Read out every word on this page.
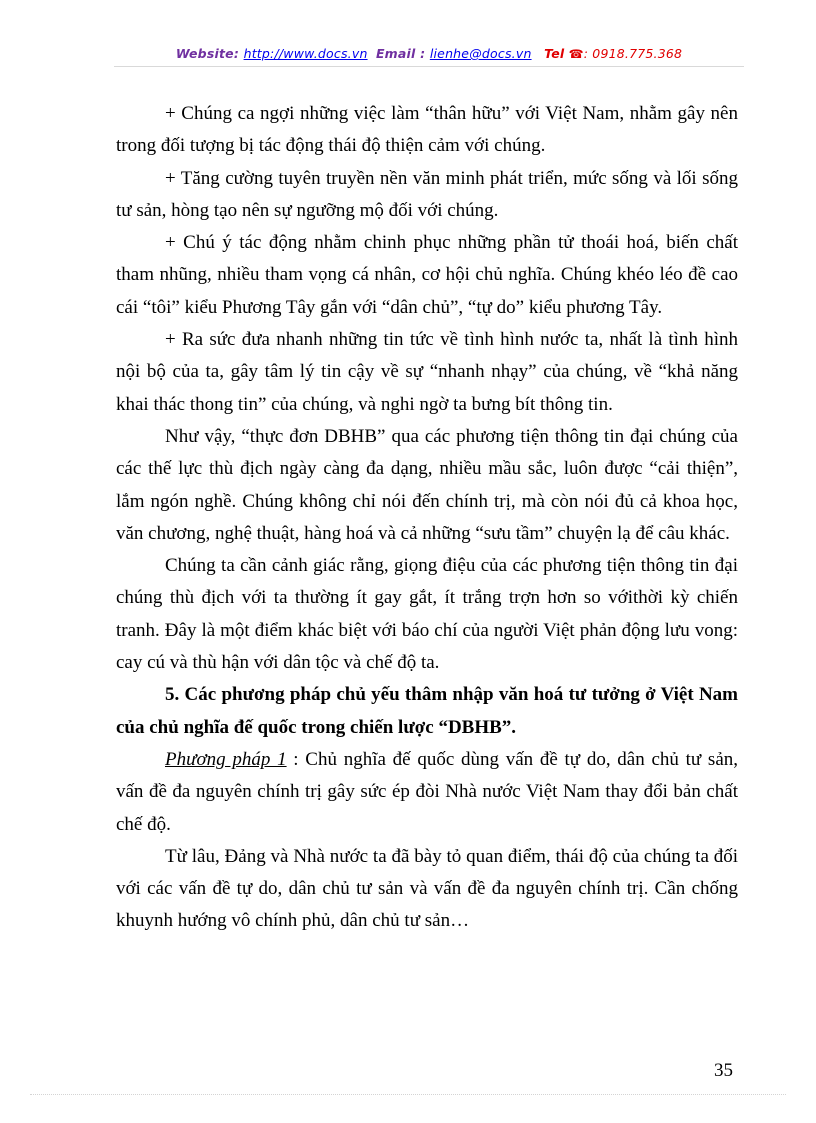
Website: http://www.docs.vn Email : lienhe@docs.vn Tel ☎: 0918.775.368

+ Chúng ca ngợi những việc làm “thân hữu” với Việt Nam, nhằm gây nên trong đối tượng bị tác động thái độ thiện cảm với chúng.

+ Tăng cường tuyên truyền nền văn minh phát triển, mức sống và lối sống tư sản, hòng tạo nên sự ngưỡng mộ đối với chúng.

+ Chú ý tác động nhằm chinh phục những phần tử thoái hoá, biến chất tham nhũng, nhiều tham vọng cá nhân, cơ hội chủ nghĩa. Chúng khéo léo đề cao cái “tôi” kiểu Phương Tây gắn với “dân chủ”, “tự do” kiểu phương Tây.

+ Ra sức đưa nhanh những tin tức về tình hình nước ta, nhất là tình hình nội bộ của ta, gây tâm lý tin cậy về sự “nhanh nhạy” của chúng, về “khả năng khai thác thong tin” của chúng, và nghi ngờ ta bưng bít thông tin.

Như vậy, “thực đơn DBHB” qua các phương tiện thông tin đại chúng của các thế lực thù địch ngày càng đa dạng, nhiều mầu sắc, luôn được “cải thiện”, lắm ngón nghề. Chúng không chỉ nói đến chính trị, mà còn nói đủ cả khoa học, văn chương, nghệ thuật, hàng hoá và cả những “sưu tầm” chuyện lạ để câu khác.

Chúng ta cần cảnh giác rằng, giọng điệu của các phương tiện thông tin đại chúng thù địch với ta thường ít gay gắt, ít trắng trợn hơn so vớithời kỳ chiến tranh. Đây là một điểm khác biệt với báo chí của người Việt phản động lưu vong: cay cú và thù hận với dân tộc và chế độ ta.

5. Các phương pháp chủ yếu thâm nhập văn hoá tư tưởng ở Việt Nam của chủ nghĩa đế quốc trong chiến lược “DBHB”.

Phương pháp 1 : Chủ nghĩa đế quốc dùng vấn đề tự do, dân chủ tư sản, vấn đề đa nguyên chính trị gây sức ép đòi Nhà nước Việt Nam thay đổi bản chất chế độ.

Từ lâu, Đảng và Nhà nước ta đã bày tỏ quan điểm, thái độ của chúng ta đối với các vấn đề tự do, dân chủ tư sản và vấn đề đa nguyên chính trị. Cần chống khuynh hướng vô chính phủ, dân chủ tư sản…

35
